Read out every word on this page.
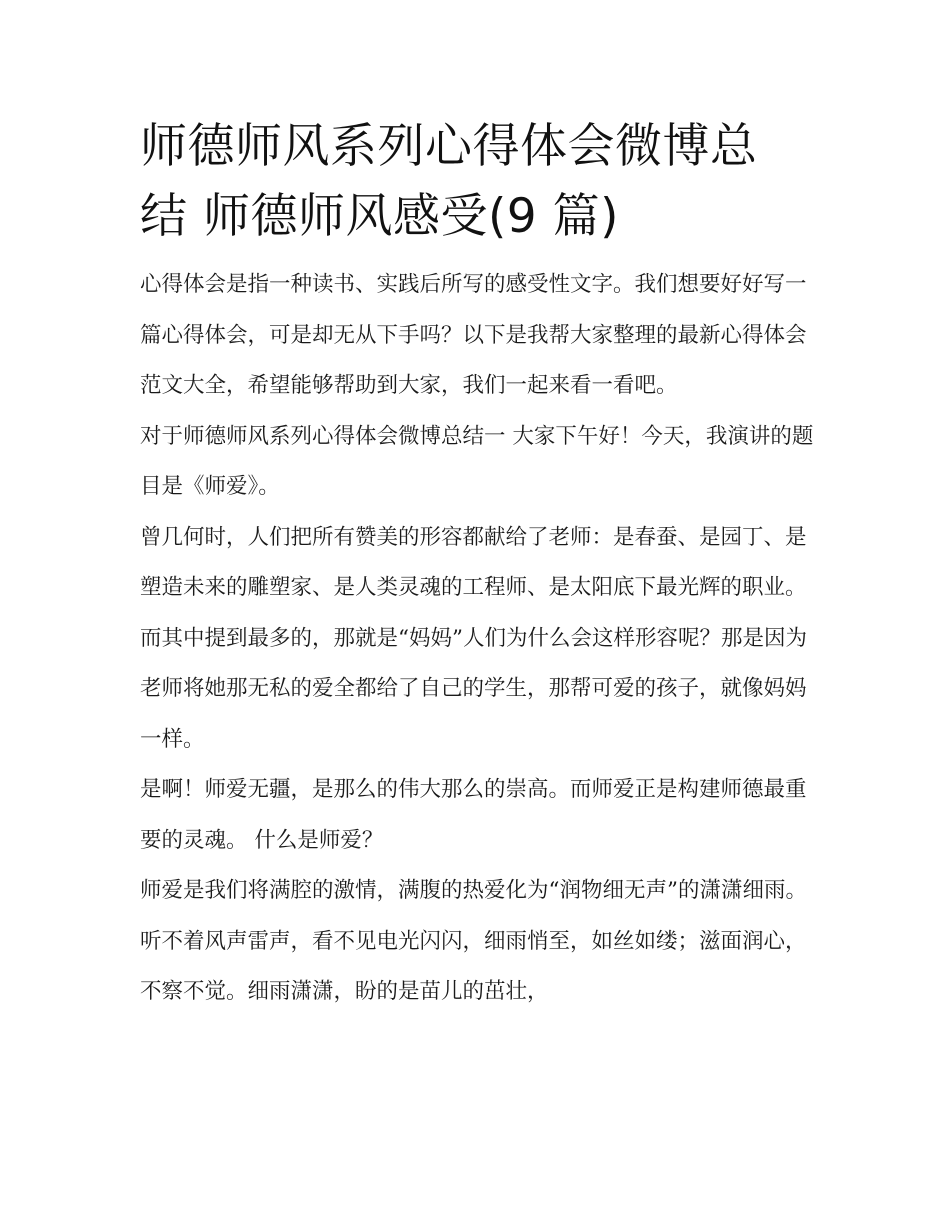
师德师风系列心得体会微博总
结 师德师风感受(9 篇)

心得体会是指一种读书、实践后所写的感受性文字。我们想要好好写一篇心得体会，可是却无从下手吗？以下是我帮大家整理的最新心得体会范文大全，希望能够帮助到大家，我们一起来看一看吧。

对于师德师风系列心得体会微博总结一 大家下午好！今天，我演讲的题目是《师爱》。

曾几何时，人们把所有赞美的形容都献给了老师：是春蚕、是园丁、是塑造未来的雕塑家、是人类灵魂的工程师、是太阳底下最光辉的职业。而其中提到最多的，那就是“妈妈”人们为什么会这样形容呢？那是因为老师将她那无私的爱全都给了自己的学生，那帮可爱的孩子，就像妈妈一样。

是啊！师爱无疆，是那么的伟大那么的崇高。而师爱正是构建师德最重要的灵魂。 什么是师爱？

师爱是我们将满腔的激情，满腹的热爱化为“润物细无声”的潇潇细雨。听不着风声雷声，看不见电光闪闪，细雨悄至，如丝如缕；滋面润心，不察不觉。细雨潇潇，盼的是苗儿的茁壮，
